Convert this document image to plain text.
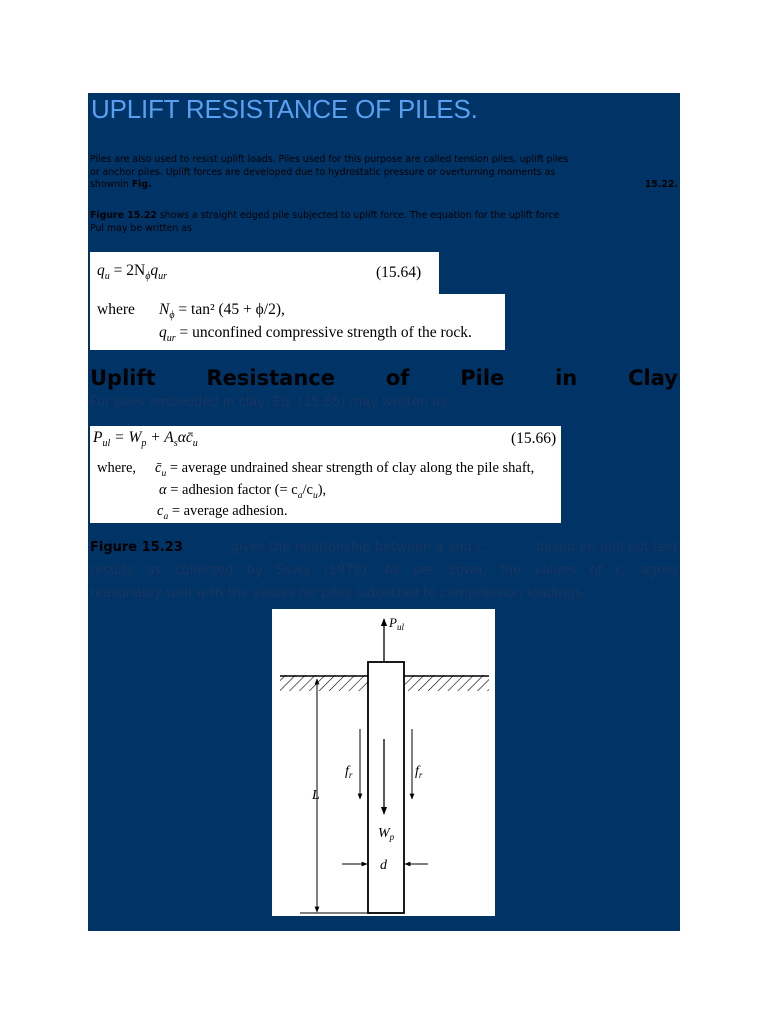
UPLIFT RESISTANCE OF PILES.
Piles are also used to resist uplift loads. Piles used for this purpose are called tension piles, uplift piles
or anchor piles. Uplift forces are developed due to hydrostatic pressure or overturning moments as
shown in Fig.	15.22.
Figure 15.22 shows a straight edged pile subjected to uplift force. The equation for the uplift force
Pul may be written as
$q_u = 2N_\phi q_{ur}$	(15.64)
where $N_\phi = \tan^2$ (45 + ϕ/2),
$q_{ur}$ = unconfined compressive strength of the rock.
Uplift Resistance of Pile in Clay
For piles embedded in clay, Eq. (15.65) may written as
$P_{ul} = W_p$ + $A_s\alpha c̄_u$	(15.66)
where, $c̄_u$ = average undrained shear strength of clay along the pile shaft,
α = adhesion factor (= $c_a/c_u$),
$c_a$ = average adhesion.
Figure 15.23	gives the relationship between a and $c_u$	based on pull out test
results as collected by Sowa (1970). As per Sowa, the values of $c_a$ agree
reasonably well with the values for piles subjected to compression loadings.
$P_{ul}$
$f_r$	$f_r$
L
$W_p$
d
